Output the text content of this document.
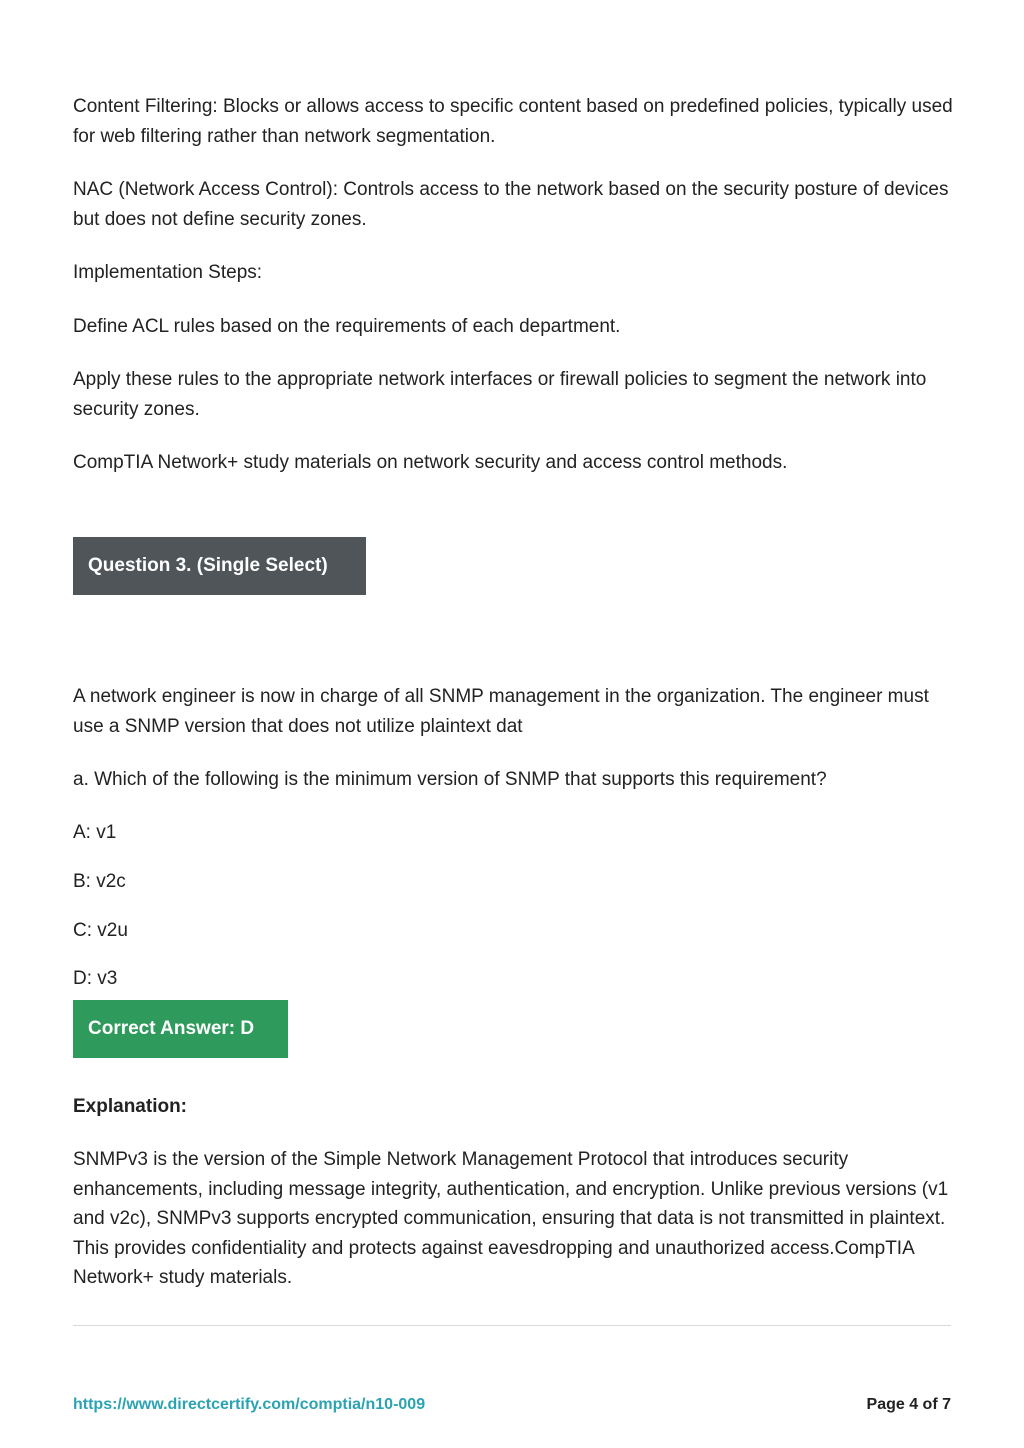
Content Filtering: Blocks or allows access to specific content based on predefined policies, typically used for web filtering rather than network segmentation.

NAC (Network Access Control): Controls access to the network based on the security posture of devices but does not define security zones.

Implementation Steps:

Define ACL rules based on the requirements of each department.

Apply these rules to the appropriate network interfaces or firewall policies to segment the network into security zones.

CompTIA Network+ study materials on network security and access control methods.

Question 3. (Single Select)

A network engineer is now in charge of all SNMP management in the organization. The engineer must use a SNMP version that does not utilize plaintext dat

a. Which of the following is the minimum version of SNMP that supports this requirement?

A: v1

B: v2c

C: v2u

D: v3

Correct Answer: D

Explanation:

SNMPv3 is the version of the Simple Network Management Protocol that introduces security enhancements, including message integrity, authentication, and encryption. Unlike previous versions (v1 and v2c), SNMPv3 supports encrypted communication, ensuring that data is not transmitted in plaintext. This provides confidentiality and protects against eavesdropping and unauthorized access.CompTIA Network+ study materials.

https://www.directcertify.com/comptia/n10-009	Page 4 of 7
